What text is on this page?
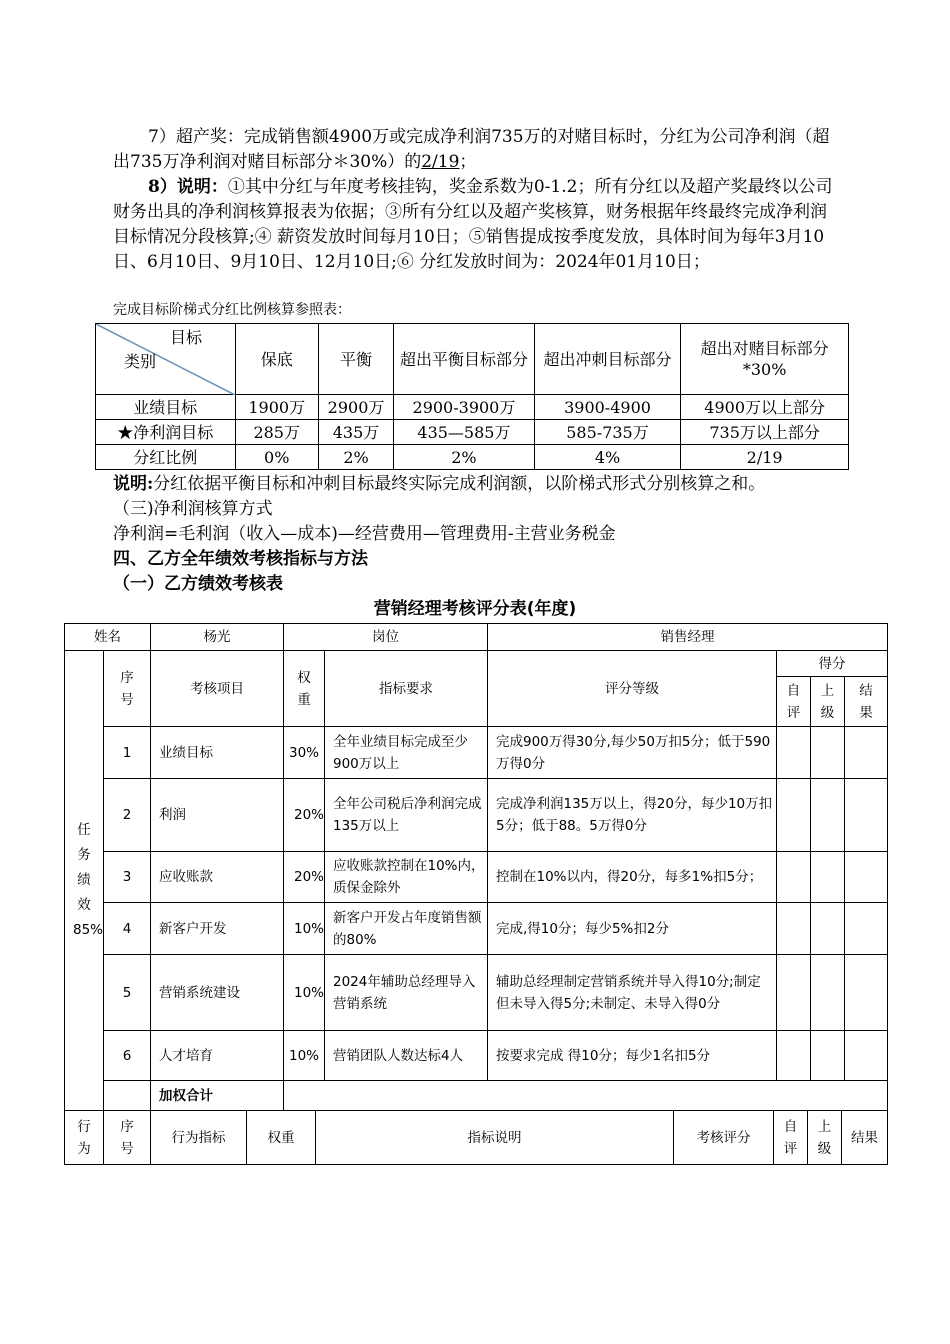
7）超产奖：完成销售额4900万或完成净利润735万的对赌目标时，分红为公司净利润（超出735万净利润对赌目标部分＊30%）的2/19；
8）说明：①其中分红与年度考核挂钩，奖金系数为0-1.2；所有分红以及超产奖最终以公司财务出具的净利润核算报表为依据；③所有分红以及超产奖核算，财务根据年终最终完成净利润目标情况分段核算;④ 薪资发放时间每月10日；⑤销售提成按季度发放，具体时间为每年3月10日、6月10日、9月10日、12月10日;⑥ 分红发放时间为：2024年01月10日；
完成目标阶梯式分红比例核算参照表：
目标
类别	保底	平衡	超出平衡目标部分	超出冲刺目标部分	超出对赌目标部分*30%
业绩目标	1900万	2900万	2900-3900万	3900-4900	4900万以上部分
★净利润目标	285万	435万	435—585万	585-735万	735万以上部分
分红比例	0%	2%	2%	4%	2/19
说明:分红依据平衡目标和冲刺目标最终实际完成利润额，以阶梯式形式分别核算之和。
（三)净利润核算方式
净利润=毛利润（收入—成本)—经营费用—管理费用-主营业务税金
四、乙方全年绩效考核指标与方法
（一）乙方绩效考核表
营销经理考核评分表(年度)
姓名		杨光	岗位		销售经理			
任务绩效85%	序号	考核项目	权重	指标要求	评分等级	得分		
						自评	上级	结果
	1	业绩目标	30%	全年业绩目标完成至少900万以上	完成900万得30分,每少50万扣5分；低于590万得0分			
	2	利润	20%	全年公司税后净利润完成135万以上	完成净利润135万以上，得20分，每少10万扣5分；低于88。5万得0分			
	3	应收账款	20%	应收账款控制在10%内，质保金除外	控制在10%以内，得20分，每多1%扣5分；			
	4	新客户开发	10%	新客户开发占年度销售额的80%	完成,得10分；每少5%扣2分			
	5	营销系统建设	10%	2024年辅助总经理导入营销系统	辅助总经理制定营销系统并导入得10分;制定但未导入得5分;未制定、未导入得0分			
	6	人才培育	10%	营销团队人数达标4人	按要求完成 得10分；每少1名扣5分			
		加权合计						
行为	序号	行为指标	权重	指标说明	考核评分	自评	上级	结果
